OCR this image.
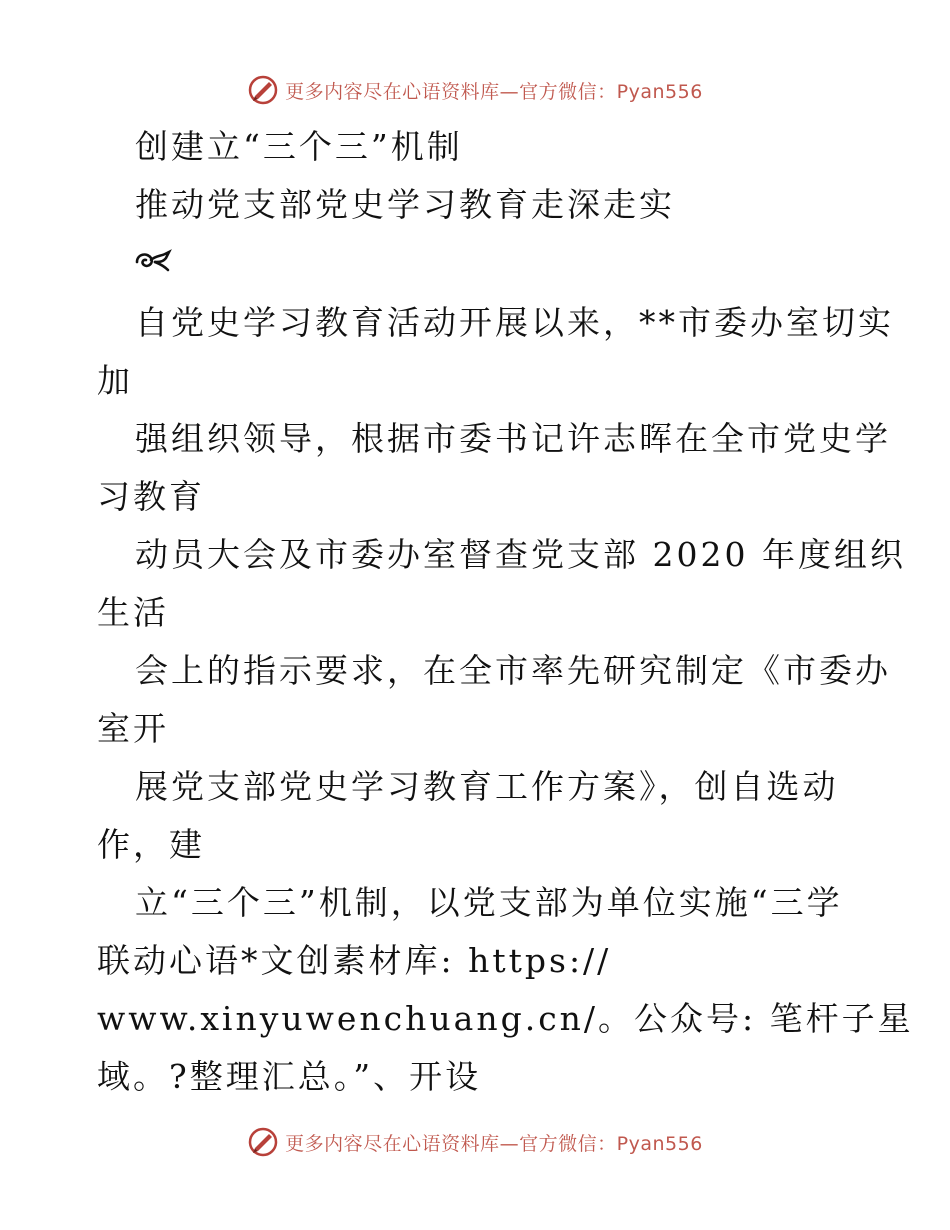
更多内容尽在心语资料库—官方微信：Pyan556
创建立“三个三”机制
推动党支部党史学习教育走深走实
自党史学习教育活动开展以来，**市委办室切实
加
强组织领导，根据市委书记许志晖在全市党史学
习教育
动员大会及市委办室督查党支部 2020 年度组织
生活
会上的指示要求，在全市率先研究制定《市委办
室开
展党支部党史学习教育工作方案》，创自选动
作，建
立“三个三”机制，以党支部为单位实施“三学
联动心语*文创素材库: https://
www.xinyuwenchuang.cn/。公众号: 笔杆子星
域。?整理汇总。”、开设
更多内容尽在心语资料库—官方微信：Pyan556
